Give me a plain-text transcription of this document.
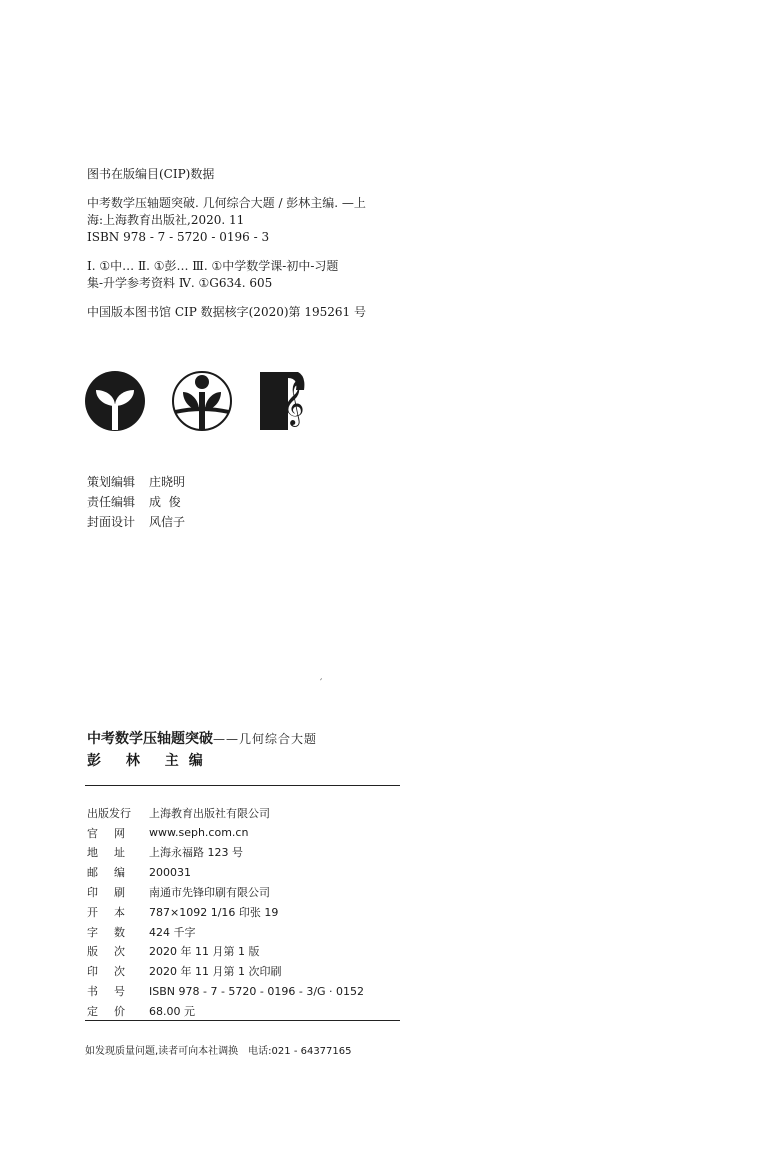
图书在版编目(CIP)数据

中考数学压轴题突破. 几何综合大题 / 彭林主编. —上

海:上海教育出版社,2020. 11

ISBN 978 - 7 - 5720 - 0196 - 3

Ⅰ. ①中… Ⅱ. ①彭… Ⅲ. ①中学数学课-初中-习题

集-升学参考资料 Ⅳ. ①G634. 605

中国版本图书馆 CIP 数据核字(2020)第 195261 号

𝄞
策划编辑	庄晓明
责任编辑	成  俊
封面设计	风信子
′
中考数学压轴题突破——几何综合大题
彭 林 主编
出版发行	上海教育出版社有限公司
官 网 www.seph.com.cn
地 址 上海永福路 123 号
邮 编 200031
印 刷 南通市先锋印刷有限公司
开 本 787×1092 1/16 印张 19
字 数 424 千字
版 次 2020 年 11 月第 1 版
印 次 2020 年 11 月第 1 次印刷
书 号 ISBN 978 - 7 - 5720 - 0196 - 3/G · 0152
定 价 68.00 元
如发现质量问题,读者可向本社调换　电话:021 - 64377165
